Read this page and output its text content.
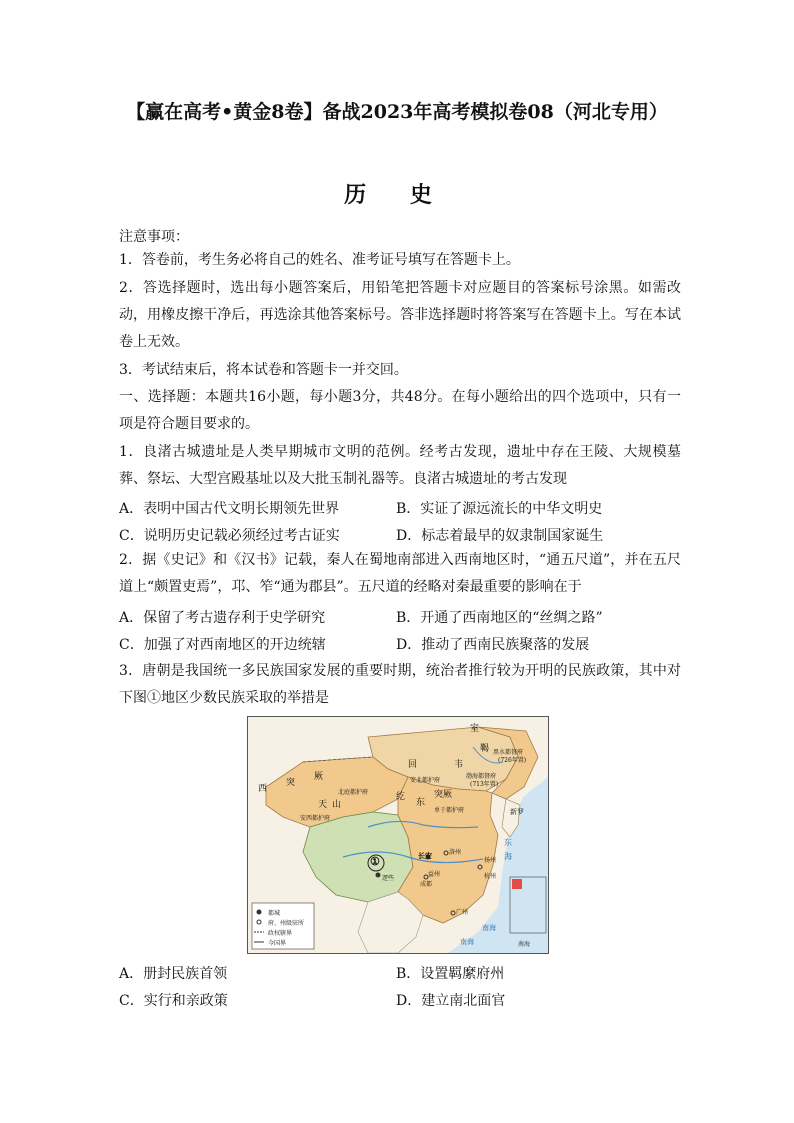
【赢在高考•黄金8卷】备战2023年高考模拟卷08（河北专用）
历 史
注意事项：
1．答卷前，考生务必将自己的姓名、准考证号填写在答题卡上。
2．答选择题时，选出每小题答案后，用铅笔把答题卡对应题目的答案标号涂黑。如需改动，用橡皮擦干净后，再选涂其他答案标号。答非选择题时将答案写在答题卡上。写在本试卷上无效。
3．考试结束后，将本试卷和答题卡一并交回。
一、选择题：本题共16小题，每小题3分，共48分。在每小题给出的四个选项中，只有一项是符合题目要求的。
1．良渚古城遗址是人类早期城市文明的范例。经考古发现，遗址中存在王陵、大规模墓葬、祭坛、大型宫殿基址以及大批玉制礼器等。良渚古城遗址的考古发现
A．表明中国古代文明长期领先世界	B．实证了源远流长的中华文明史
C．说明历史记载必须经过考古证实	D．标志着最早的奴隶制国家诞生
2．据《史记》和《汉书》记载，秦人在蜀地南部进入西南地区时，“通五尺道”，并在五尺道上“颇置吏焉”，邛、笮“通为郡县”。五尺道的经略对秦最重要的影响在于
A．保留了考古遗存利于史学研究	B．开通了西南地区的“丝绸之路”
C．加强了对西南地区的开边统辖	D．推动了西南民族聚落的发展
3．唐朝是我国统一多民族国家发展的重要时期，统治者推行较为开明的民族政策，其中对下图①地区少数民族采取的举措是
室
鞨 黑水都督府
(726年置)
韦
渤海都督府
(713年置)
回
纥
安北都护府
西
突
厥
北庭都护府
天 山
安西都护府
东
突厥
单于都护府	新罗
长安	洛州
益州
成都
扬州
杭州
广州
①
逻些
东
海
南海
南海
南海
都城
府、州级驻所
政权辖界
今国界
A．册封民族首领	B．设置羁縻府州
C．实行和亲政策	D．建立南北面官
